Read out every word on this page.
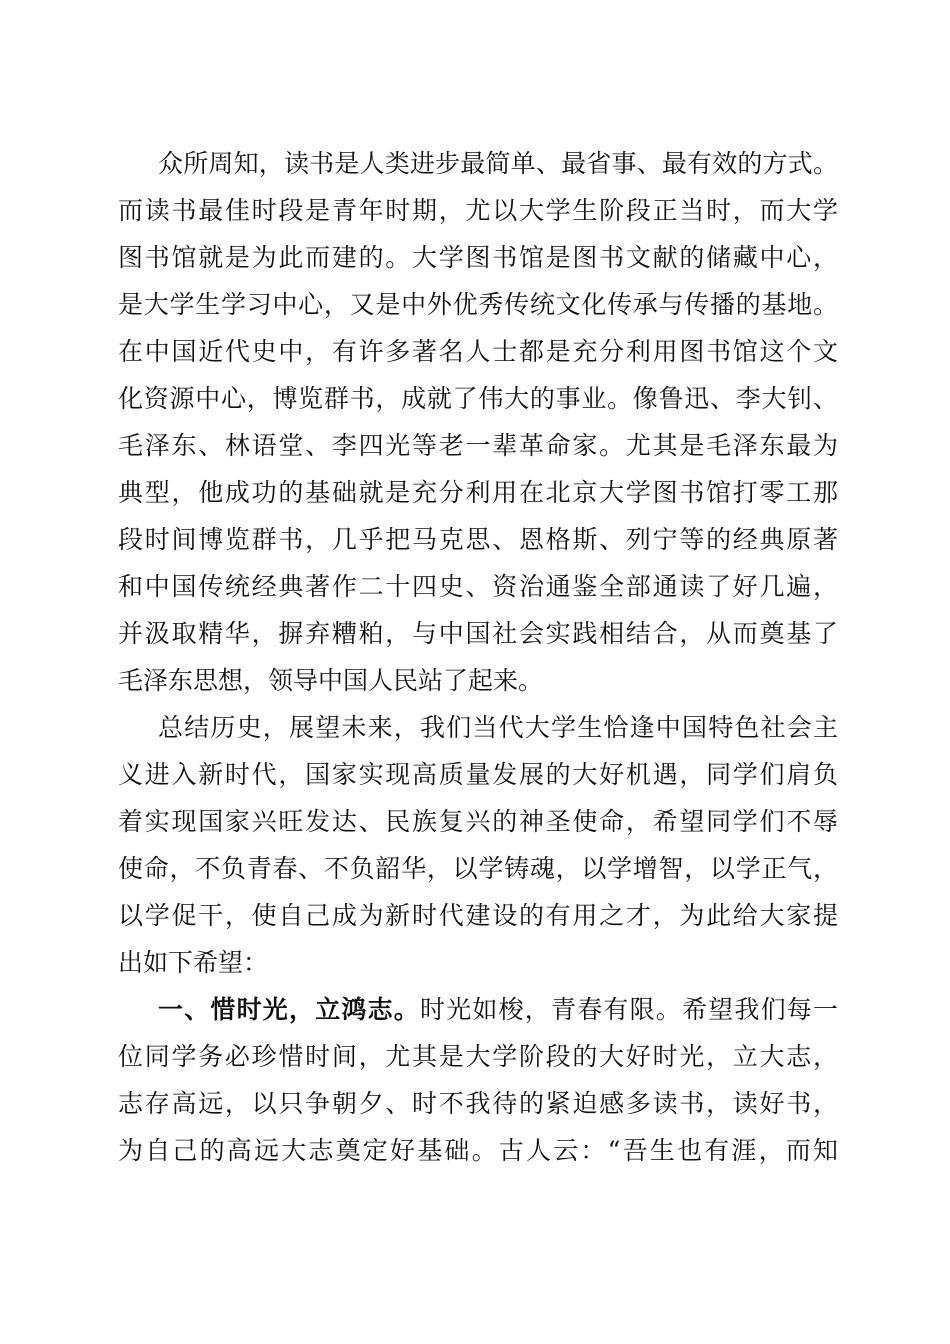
众所周知，读书是人类进步最简单、最省事、最有效的方式。
而读书最佳时段是青年时期，尤以大学生阶段正当时，而大学
图书馆就是为此而建的。大学图书馆是图书文献的储藏中心，
是大学生学习中心，又是中外优秀传统文化传承与传播的基地。
在中国近代史中，有许多著名人士都是充分利用图书馆这个文
化资源中心，博览群书，成就了伟大的事业。像鲁迅、李大钊、
毛泽东、林语堂、李四光等老一辈革命家。尤其是毛泽东最为
典型，他成功的基础就是充分利用在北京大学图书馆打零工那
段时间博览群书，几乎把马克思、恩格斯、列宁等的经典原著
和中国传统经典著作二十四史、资治通鉴全部通读了好几遍，
并汲取精华，摒弃糟粕，与中国社会实践相结合，从而奠基了
毛泽东思想，领导中国人民站了起来。
总结历史，展望未来，我们当代大学生恰逢中国特色社会主
义进入新时代，国家实现高质量发展的大好机遇，同学们肩负
着实现国家兴旺发达、民族复兴的神圣使命，希望同学们不辱
使命，不负青春、不负韶华，以学铸魂，以学增智，以学正气，
以学促干，使自己成为新时代建设的有用之才，为此给大家提
出如下希望：
一、惜时光，立鸿志。时光如梭，青春有限。希望我们每一
位同学务必珍惜时间，尤其是大学阶段的大好时光，立大志，
志存高远，以只争朝夕、时不我待的紧迫感多读书，读好书，
为自己的高远大志奠定好基础。古人云：“吾生也有涯，而知
